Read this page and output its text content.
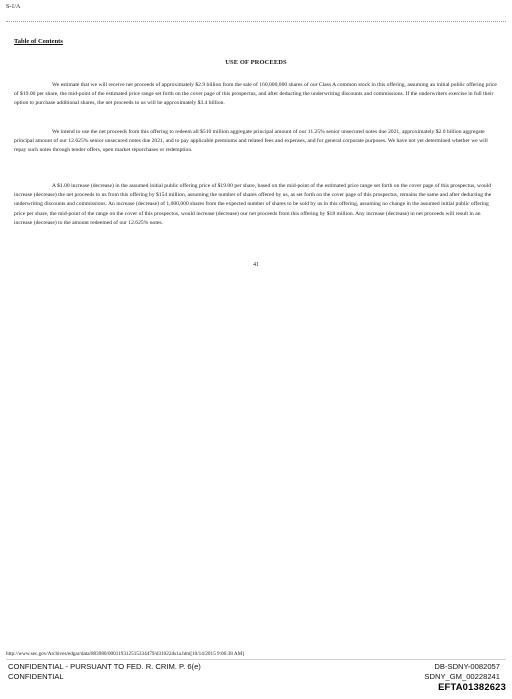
S-1/A
Table of Contents
USE OF PROCEEDS

We estimate that we will receive net proceeds of approximately $2.9 billion from the sale of 160,000,000 shares of our Class A common stock in this offering, assuming an initial public offering price of $19.00 per share, the mid-point of the estimated price range set forth on the cover page of this prospectus, and after deducting the underwriting discounts and commissions. If the underwriters exercise in full their option to purchase additional shares, the net proceeds to us will be approximately $3.4 billion.

We intend to use the net proceeds from this offering to redeem all $510 million aggregate principal amount of our 11.25% senior unsecured notes due 2021, approximately $2.0 billion aggregate principal amount of our 12.625% senior unsecured notes due 2021, and to pay applicable premiums and related fees and expenses, and for general corporate purposes. We have not yet determined whether we will repay such notes through tender offers, open market repurchases or redemption.

A $1.00 increase (decrease) in the assumed initial public offering price of $19.00 per share, based on the mid-point of the estimated price range set forth on the cover page of this prospectus, would increase (decrease) the net proceeds to us from this offering by $154 million, assuming the number of shares offered by us, as set forth on the cover page of this prospectus, remains the same and after deducting the underwriting discounts and commissions. An increase (decrease) of 1,000,000 shares from the expected number of shares to be sold by us in this offering, assuming no change in the assumed initial public offering price per share, the mid-point of the range on the cover of this prospectus, would increase (decrease) our net proceeds from this offering by $18 million. Any increase (decrease) in net proceeds will result in an increase (decrease) to the amount redeemed of our 12.625% notes.

41
http://www.sec.gov/Archives/edgar/data/883980/000119312515334479/d31022ds1a.htm[10/14/2015 9:06:38 AM]
CONFIDENTIAL - PURSUANT TO FED. R. CRIM. P. 6(e)
CONFIDENTIAL
DB-SDNY-0082057
SDNY_GM_00228241
EFTA01382623
